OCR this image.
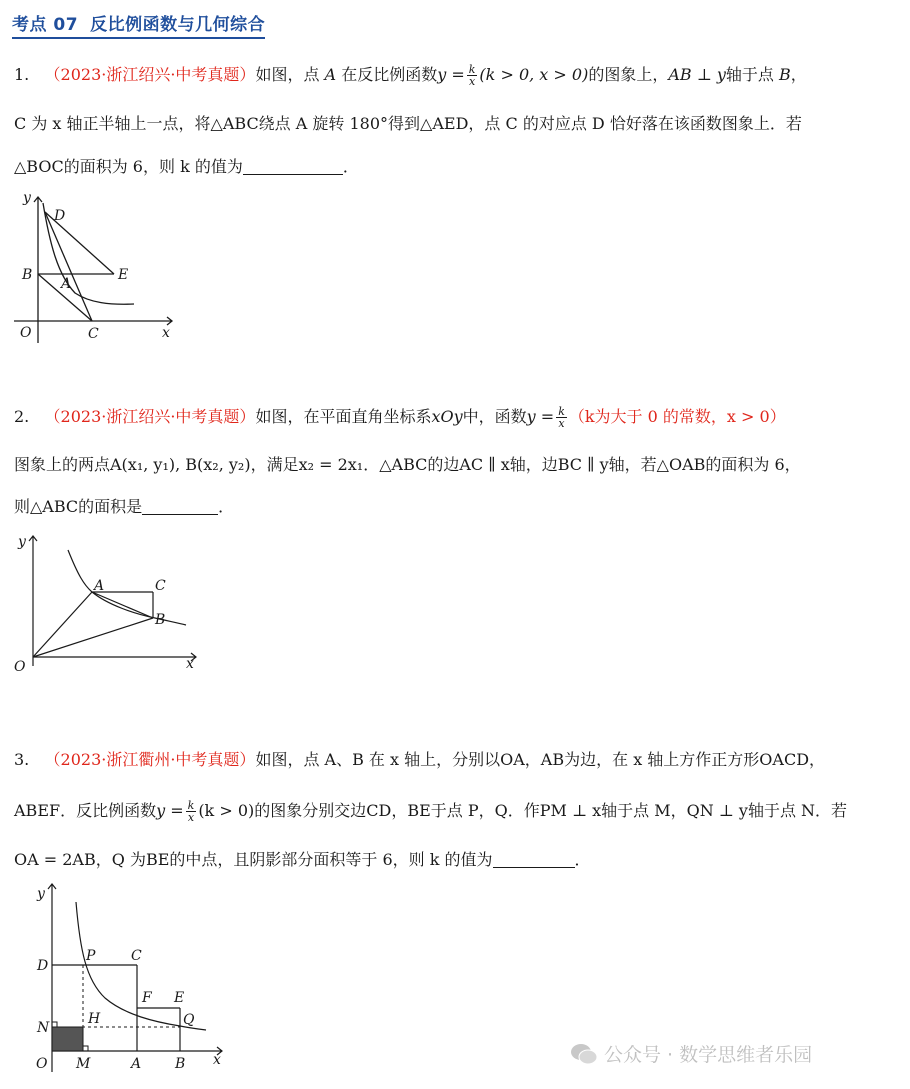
考点 07 反比例函数与几何综合
1. （2023·浙江绍兴·中考真题）如图，点 A 在反比例函数$y = \frac{k}{x} (k > 0$, x > 0)的图象上，AB ⊥ y轴于点 B，
C 为 x 轴正半轴上一点，将△ABC绕点 A 旋转 180°得到△AED，点 C 的对应点 D 恰好落在该函数图象上．若
△BOC的面积为 6，则 k 的值为	．
y
x
O
B
D
E
A
C
2. （2023·浙江绍兴·中考真题）如图，在平面直角坐标系xOy中，函数$y = \frac{k}{x} (k$为大于 0 的常数，x > 0）
图象上的两点A(x₁, y₁), B(x₂, y₂)，满足x₂ = 2x₁．△ABC的边AC ∥ x轴，边BC ∥ y轴，若△OAB的面积为 6，
则△ABC的面积是	．
y
x
O
A	C
B
3. （2023·浙江衢州·中考真题）如图，点 A、B 在 x 轴上，分别以OA，AB为边，在 x 轴上方作正方形OACD，
ABEF．反比例函数$y = \frac{k}{x} (k > 0)$的图象分别交边CD，BE于点 P，Q．作PM ⊥ x轴于点 M，QN ⊥ y轴于点 N．若
OA = 2AB，Q 为BE的中点，且阴影部分面积等于 6，则 k 的值为	．
y
x
O M	A B
N
H
D
P	C
F E
Q
公众号 · 数学思维者乐园
